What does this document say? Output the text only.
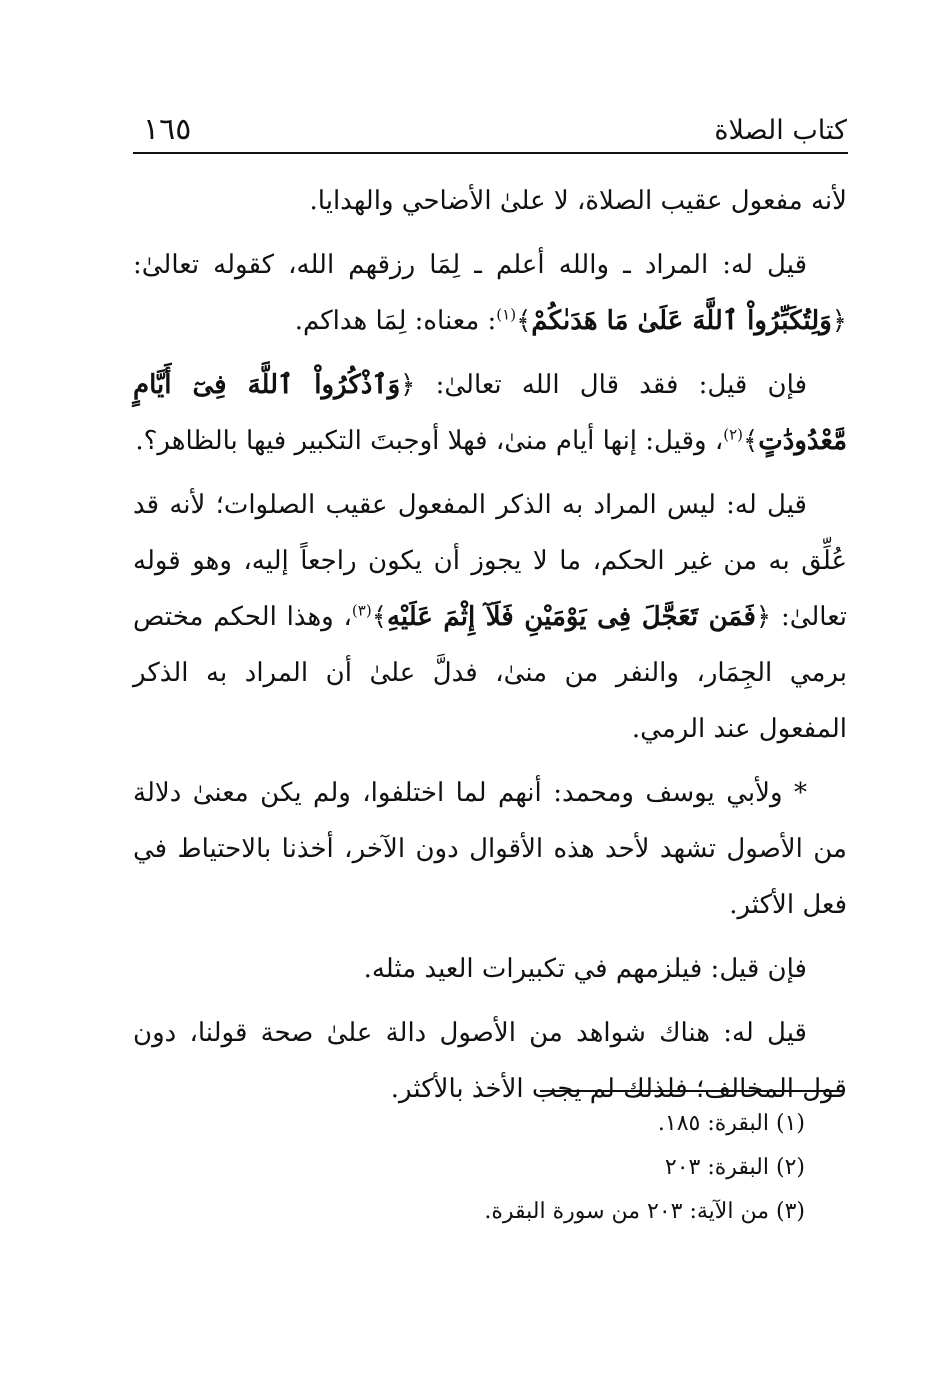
كتاب الصلاة
١٦٥

لأنه مفعول عقيب الصلاة، لا علىٰ الأضاحي والهدايا.

قيل له: المراد ـ والله أعلم ـ لِمَا رزقهم الله، كقوله تعالىٰ: ﴿وَلِتُكَبِّرُواْ ٱللَّهَ عَلَىٰ مَا هَدَىٰكُمْ﴾$^{(١)}$: معناه: لِمَا هداكم.

فإن قيل: فقد قال الله تعالىٰ: ﴿وَٱذْكُرُواْ ٱللَّهَ فِىٓ أَيَّامٍ مَّعْدُودَٰتٍ﴾$^{(٢)}$، وقيل: إنها أيام منىٰ، فهلا أوجبتَ التكبير فيها بالظاهر؟.

قيل له: ليس المراد به الذكر المفعول عقيب الصلوات؛ لأنه قد عُلِّق به من غير الحكم، ما لا يجوز أن يكون راجعاً إليه، وهو قوله تعالىٰ: ﴿فَمَن تَعَجَّلَ فِى يَوْمَيْنِ فَلَآ إِثْمَ عَلَيْهِ﴾$^{(٣)}$، وهذا الحكم مختص برمي الجِمَار، والنفر من منىٰ، فدلَّ علىٰ أن المراد به الذكر المفعول عند الرمي.

* ولأبي يوسف ومحمد: أنهم لما اختلفوا، ولم يكن معنىٰ دلالة من الأصول تشهد لأحد هذه الأقوال دون الآخر، أخذنا بالاحتياط في فعل الأكثر.

فإن قيل: فيلزمهم في تكبيرات العيد مثله.

قيل له: هناك شواهد من الأصول دالة علىٰ صحة قولنا، دون قول المخالف؛ فلذلك لم يجب الأخذ بالأكثر.

(١) البقرة: ١٨٥.
(٢) البقرة: ٢٠٣
(٣) من الآية: ٢٠٣ من سورة البقرة.
